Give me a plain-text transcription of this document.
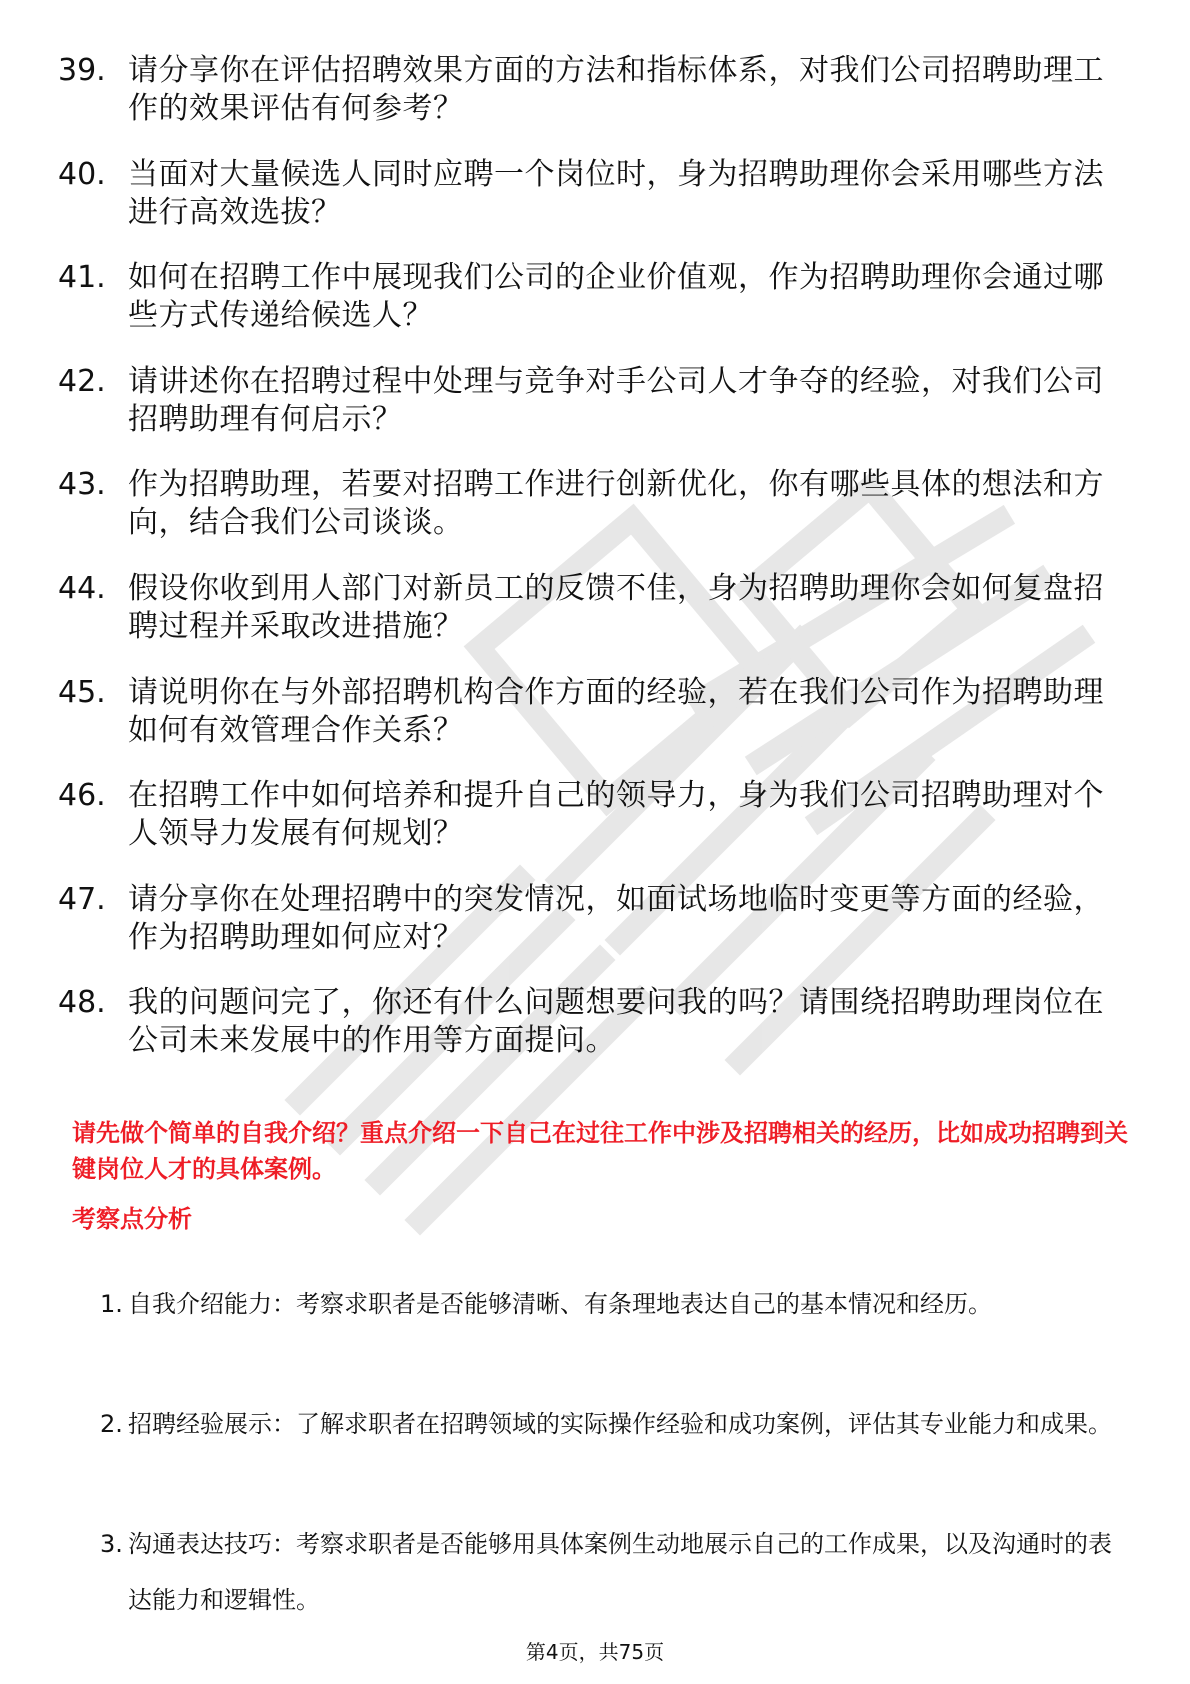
39. 请分享你在评估招聘效果方面的方法和指标体系，对我们公司招聘助理工作的效果评估有何参考？
40. 当面对大量候选人同时应聘一个岗位时，身为招聘助理你会采用哪些方法进行高效选拔？
41. 如何在招聘工作中展现我们公司的企业价值观，作为招聘助理你会通过哪些方式传递给候选人？
42. 请讲述你在招聘过程中处理与竞争对手公司人才争夺的经验，对我们公司招聘助理有何启示？
43. 作为招聘助理，若要对招聘工作进行创新优化，你有哪些具体的想法和方向，结合我们公司谈谈。
44. 假设你收到用人部门对新员工的反馈不佳，身为招聘助理你会如何复盘招聘过程并采取改进措施？
45. 请说明你在与外部招聘机构合作方面的经验，若在我们公司作为招聘助理如何有效管理合作关系？
46. 在招聘工作中如何培养和提升自己的领导力，身为我们公司招聘助理对个人领导力发展有何规划？
47. 请分享你在处理招聘中的突发情况，如面试场地临时变更等方面的经验，作为招聘助理如何应对？
48. 我的问题问完了，你还有什么问题想要问我的吗？请围绕招聘助理岗位在公司未来发展中的作用等方面提问。
请先做个简单的自我介绍？重点介绍一下自己在过往工作中涉及招聘相关的经历，比如成功招聘到关键岗位人才的具体案例。
考察点分析
1. 自我介绍能力：考察求职者是否能够清晰、有条理地表达自己的基本情况和经历。
2. 招聘经验展示：了解求职者在招聘领域的实际操作经验和成功案例，评估其专业能力和成果。
3. 沟通表达技巧：考察求职者是否能够用具体案例生动地展示自己的工作成果，以及沟通时的表达能力和逻辑性。
第4页，共75页
